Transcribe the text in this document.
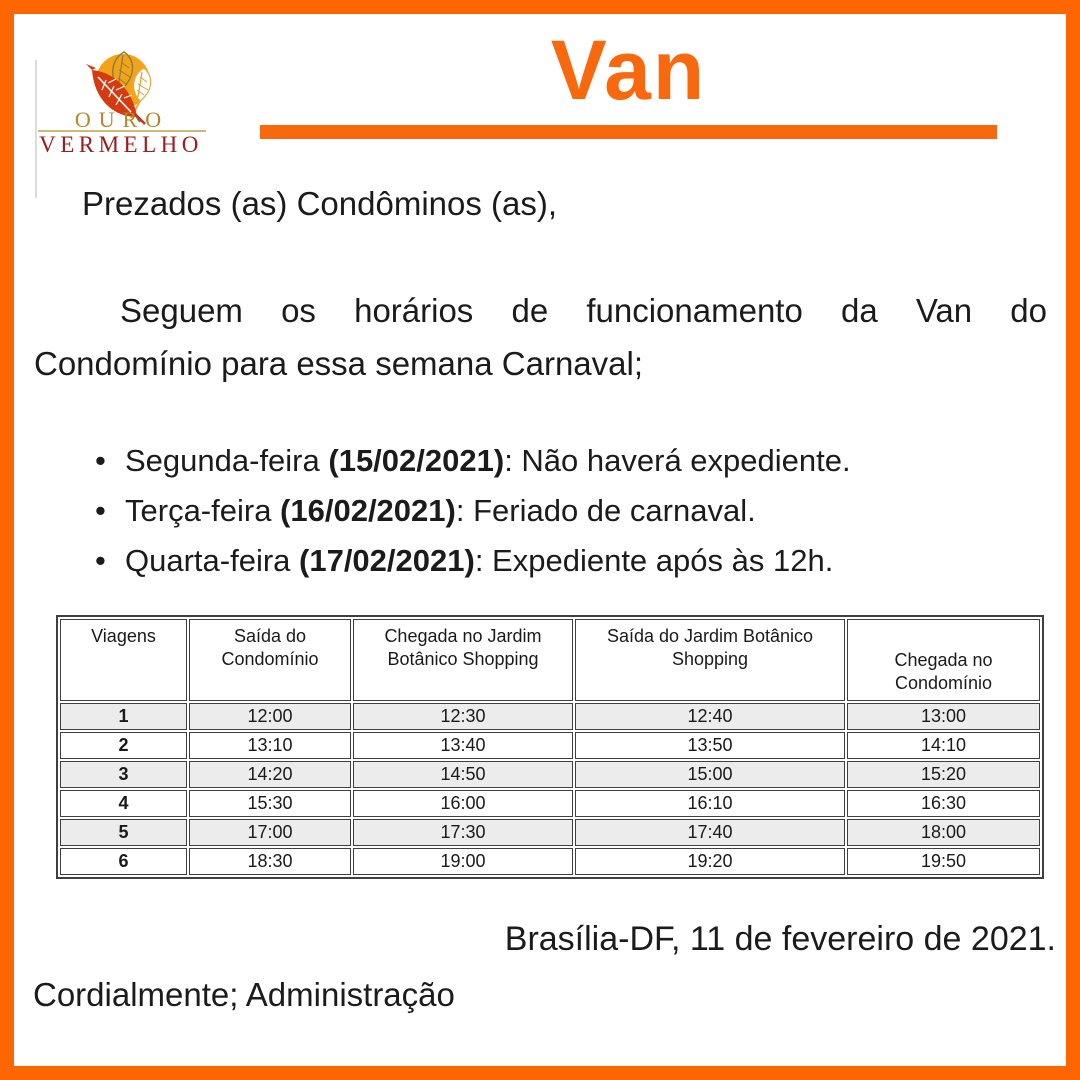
OURO
VERMELHO
Van
Prezados (as) Condôminos (as),
Seguem os horários de funcionamento da Van do
Condomínio para essa semana Carnaval;
• Segunda-feira (15/02/2021): Não haverá expediente.
• Terça-feira (16/02/2021): Feriado de carnaval.
• Quarta-feira (17/02/2021): Expediente após às 12h.
Viagens	Saída do Condomínio	Chegada no Jardim Botânico Shopping	Saída do Jardim Botânico Shopping	Chegada no Condomínio
1	12:00	12:30	12:40	13:00
2	13:10	13:40	13:50	14:10
3	14:20	14:50	15:00	15:20
4	15:30	16:00	16:10	16:30
5	17:00	17:30	17:40	18:00
6	18:30	19:00	19:20	19:50
Brasília-DF, 11 de fevereiro de 2021.
Cordialmente; Administração
